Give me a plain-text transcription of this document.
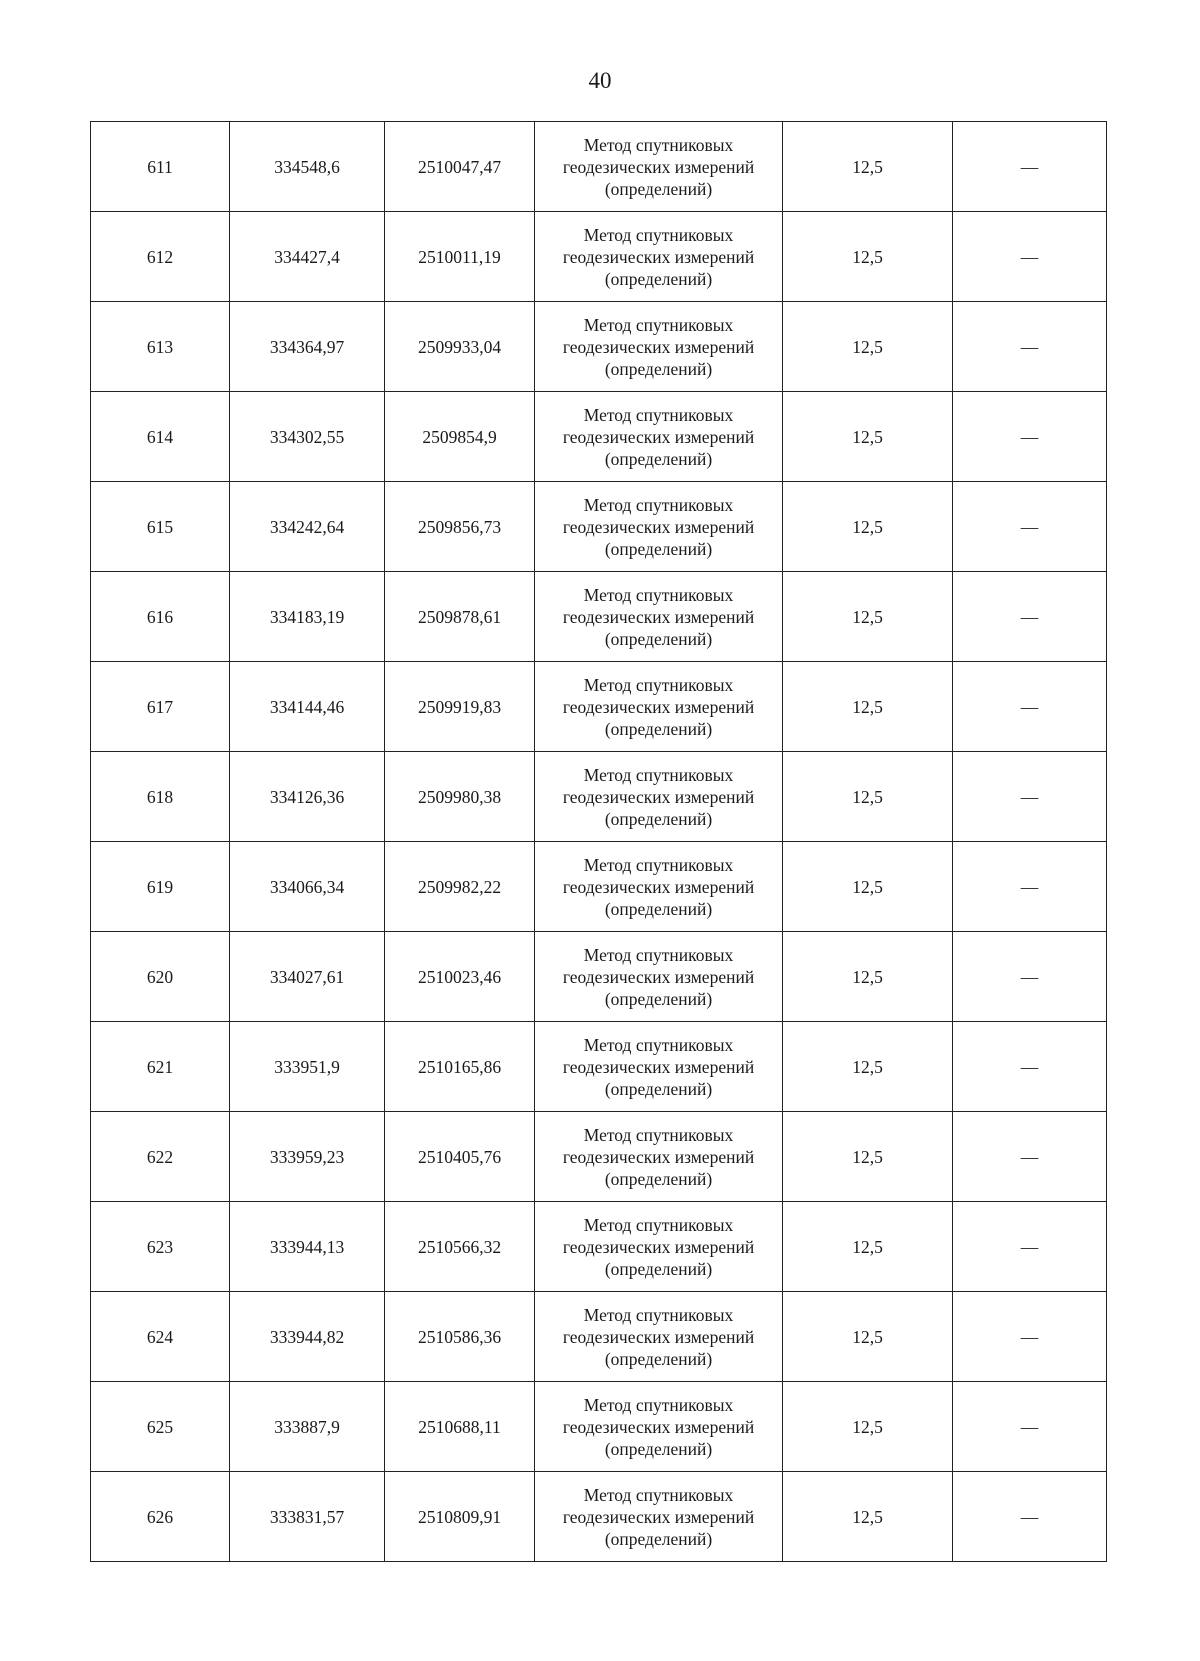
40
611	334548,6	2510047,47	Метод спутниковых
геодезических измерений
(определений)	12,5	—
612	334427,4	2510011,19	Метод спутниковых
геодезических измерений
(определений)	12,5	—
613	334364,97	2509933,04	Метод спутниковых
геодезических измерений
(определений)	12,5	—
614	334302,55	2509854,9	Метод спутниковых
геодезических измерений
(определений)	12,5	—
615	334242,64	2509856,73	Метод спутниковых
геодезических измерений
(определений)	12,5	—
616	334183,19	2509878,61	Метод спутниковых
геодезических измерений
(определений)	12,5	—
617	334144,46	2509919,83	Метод спутниковых
геодезических измерений
(определений)	12,5	—
618	334126,36	2509980,38	Метод спутниковых
геодезических измерений
(определений)	12,5	—
619	334066,34	2509982,22	Метод спутниковых
геодезических измерений
(определений)	12,5	—
620	334027,61	2510023,46	Метод спутниковых
геодезических измерений
(определений)	12,5	—
621	333951,9	2510165,86	Метод спутниковых
геодезических измерений
(определений)	12,5	—
622	333959,23	2510405,76	Метод спутниковых
геодезических измерений
(определений)	12,5	—
623	333944,13	2510566,32	Метод спутниковых
геодезических измерений
(определений)	12,5	—
624	333944,82	2510586,36	Метод спутниковых
геодезических измерений
(определений)	12,5	—
625	333887,9	2510688,11	Метод спутниковых
геодезических измерений
(определений)	12,5	—
626	333831,57	2510809,91	Метод спутниковых
геодезических измерений
(определений)	12,5	—
